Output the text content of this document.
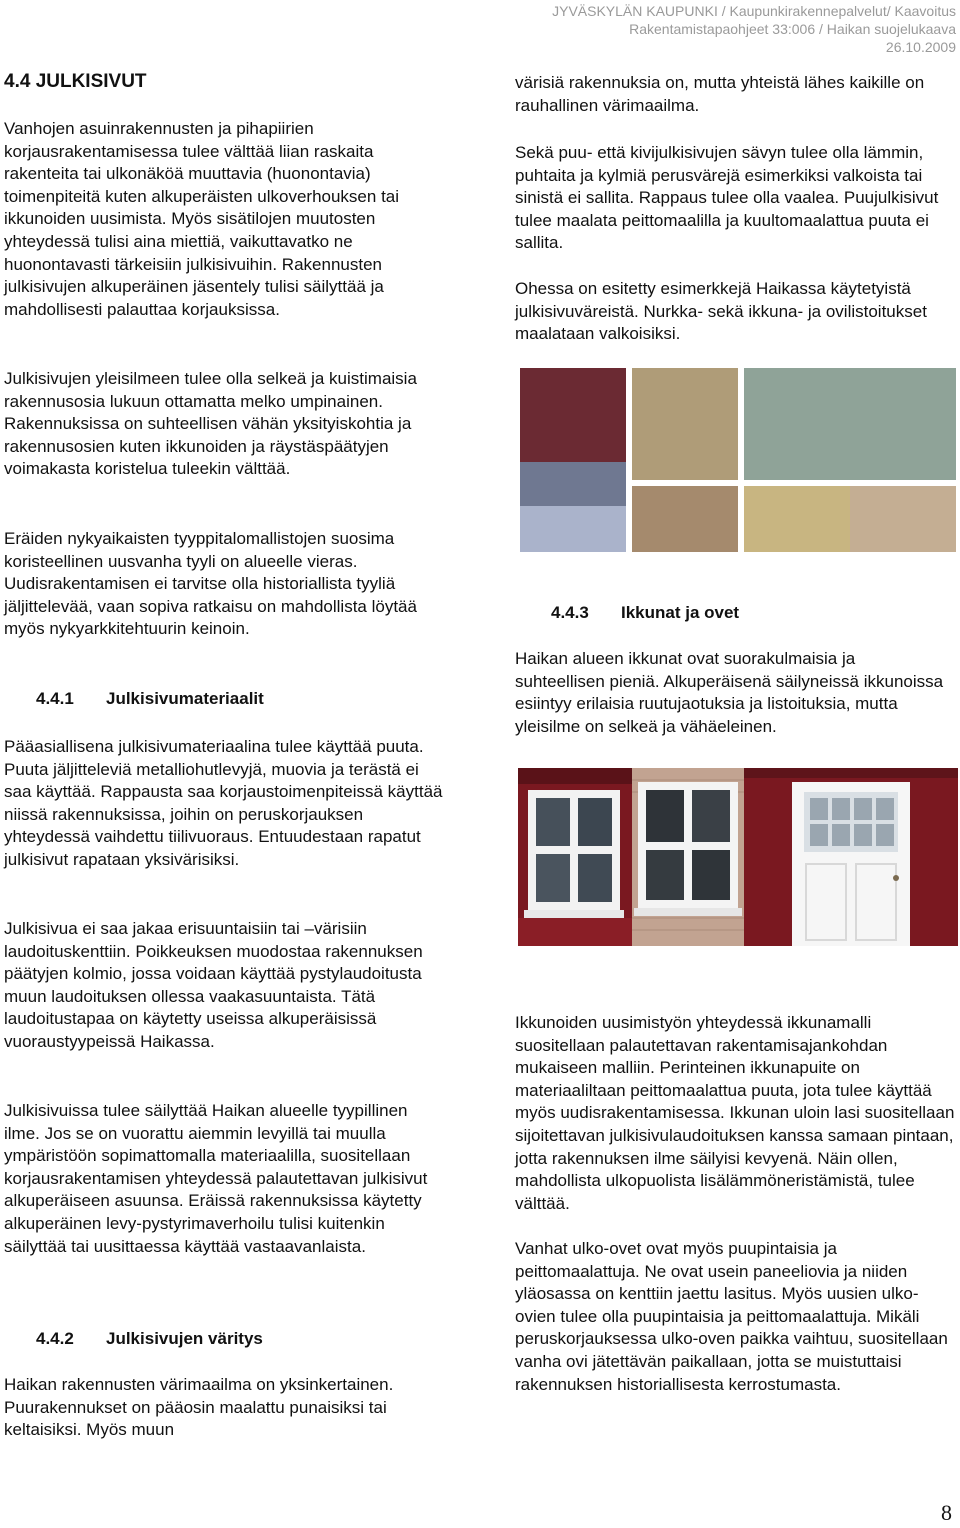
JYVÄSKYLÄN KAUPUNKI / Kaupunkirakennepalvelut/ Kaavoitus
Rakentamistapaohjeet 33:006 / Haikan suojelukaava
26.10.2009

4.4 JULKISIVUT

Vanhojen asuinrakennusten ja pihapiirien korjausrakentamisessa tulee välttää liian raskaita rakenteita tai ulkonäköä muuttavia (huonontavia) toimenpiteitä kuten alkuperäisten ulkoverhouksen tai ikkunoiden uusimista. Myös sisätilojen muutosten yhteydessä tulisi aina miettiä, vaikuttavatko ne huonontavasti tärkeisiin julkisivuihin. Rakennusten julkisivujen alkuperäinen jäsentely tulisi säilyttää ja mahdollisesti palauttaa korjauksissa.

Julkisivujen yleisilmeen tulee olla selkeä ja kuistimaisia rakennusosia lukuun ottamatta melko umpinainen. Rakennuksissa on suhteellisen vähän yksityiskohtia ja rakennusosien kuten ikkunoiden ja räystäspäätyjen voimakasta koristelua tuleekin välttää.

Eräiden nykyaikaisten tyyppitalomallistojen suosima koristeellinen uusvanha tyyli on alueelle vieras. Uudisrakentamisen ei tarvitse olla historiallista tyyliä jäljittelevää, vaan sopiva ratkaisu on mahdollista löytää myös nykyarkkitehtuurin keinoin.

4.4.1 Julkisivumateriaalit

Pääasiallisena julkisivumateriaalina tulee käyttää puuta. Puuta jäljitteleviä metalliohutlevyjä, muovia ja terästä ei saa käyttää. Rappausta saa korjaustoimenpiteissä käyttää niissä rakennuksissa, joihin on peruskorjauksen yhteydessä vaihdettu tiilivuoraus. Entuudestaan rapatut julkisivut rapataan yksivärisiksi.

Julkisivua ei saa jakaa erisuuntaisiin tai –värisiin laudoituskenttiin. Poikkeuksen muodostaa rakennuksen päätyjen kolmio, jossa voidaan käyttää pystylaudoitusta muun laudoituksen ollessa vaakasuuntaista. Tätä laudoitustapaa on käytetty useissa alkuperäisissä vuoraustyypeissä Haikassa.

Julkisivuissa tulee säilyttää Haikan alueelle tyypillinen ilme. Jos se on vuorattu aiemmin levyillä tai muulla ympäristöön sopimattomalla materiaalilla, suositellaan korjausrakentamisen yhteydessä palautettavan julkisivut alkuperäiseen asuunsa. Eräissä rakennuksissa käytetty alkuperäinen levy-pystyrimaverhoilu tulisi kuitenkin säilyttää tai uusittaessa käyttää vastaavanlaista.

4.4.2 Julkisivujen väritys

Haikan rakennusten värimaailma on yksinkertainen. Puurakennukset on pääosin maalattu punaisiksi tai keltaisiksi. Myös muun

värisiä rakennuksia on, mutta yhteistä lähes kaikille on rauhallinen värimaailma.

Sekä puu- että kivijulkisivujen sävyn tulee olla lämmin, puhtaita ja kylmiä perusvärejä esimerkiksi valkoista tai sinistä ei sallita. Rappaus tulee olla vaalea. Puujulkisivut tulee maalata peittomaalilla ja kuultomaalattua puuta ei sallita.

Ohessa on esitetty esimerkkejä Haikassa käytetyistä julkisivuväreistä. Nurkka- sekä ikkuna- ja ovilistoitukset maalataan valkoisiksi.

4.4.3 Ikkunat ja ovet

Haikan alueen ikkunat ovat suorakulmaisia ja suhteellisen pieniä. Alkuperäisenä säilyneissä ikkunoissa esiintyy erilaisia ruutujaotuksia ja listoituksia, mutta yleisilme on selkeä ja vähäeleinen.

Ikkunoiden uusimistyön yhteydessä ikkunamalli suositellaan palautettavan rakentamisajankohdan mukaiseen malliin. Perinteinen ikkunapuite on materiaaliltaan peittomaalattua puuta, jota tulee käyttää myös uudisrakentamisessa. Ikkunan uloin lasi suositellaan sijoitettavan julkisivulaudoituksen kanssa samaan pintaan, jotta rakennuksen ilme säilyisi kevyenä. Näin ollen, mahdollista ulkopuolista lisälämmöneristämistä, tulee välttää.

Vanhat ulko-ovet ovat myös puupintaisia ja peittomaalattuja. Ne ovat usein paneeliovia ja niiden yläosassa on kenttiin jaettu lasitus. Myös uusien ulko-ovien tulee olla puupintaisia ja peittomaalattuja. Mikäli peruskorjauksessa ulko-oven paikka vaihtuu, suositellaan vanha ovi jätettävän paikallaan, jotta se muistuttaisi rakennuksen historiallisesta kerrostumasta.

8
